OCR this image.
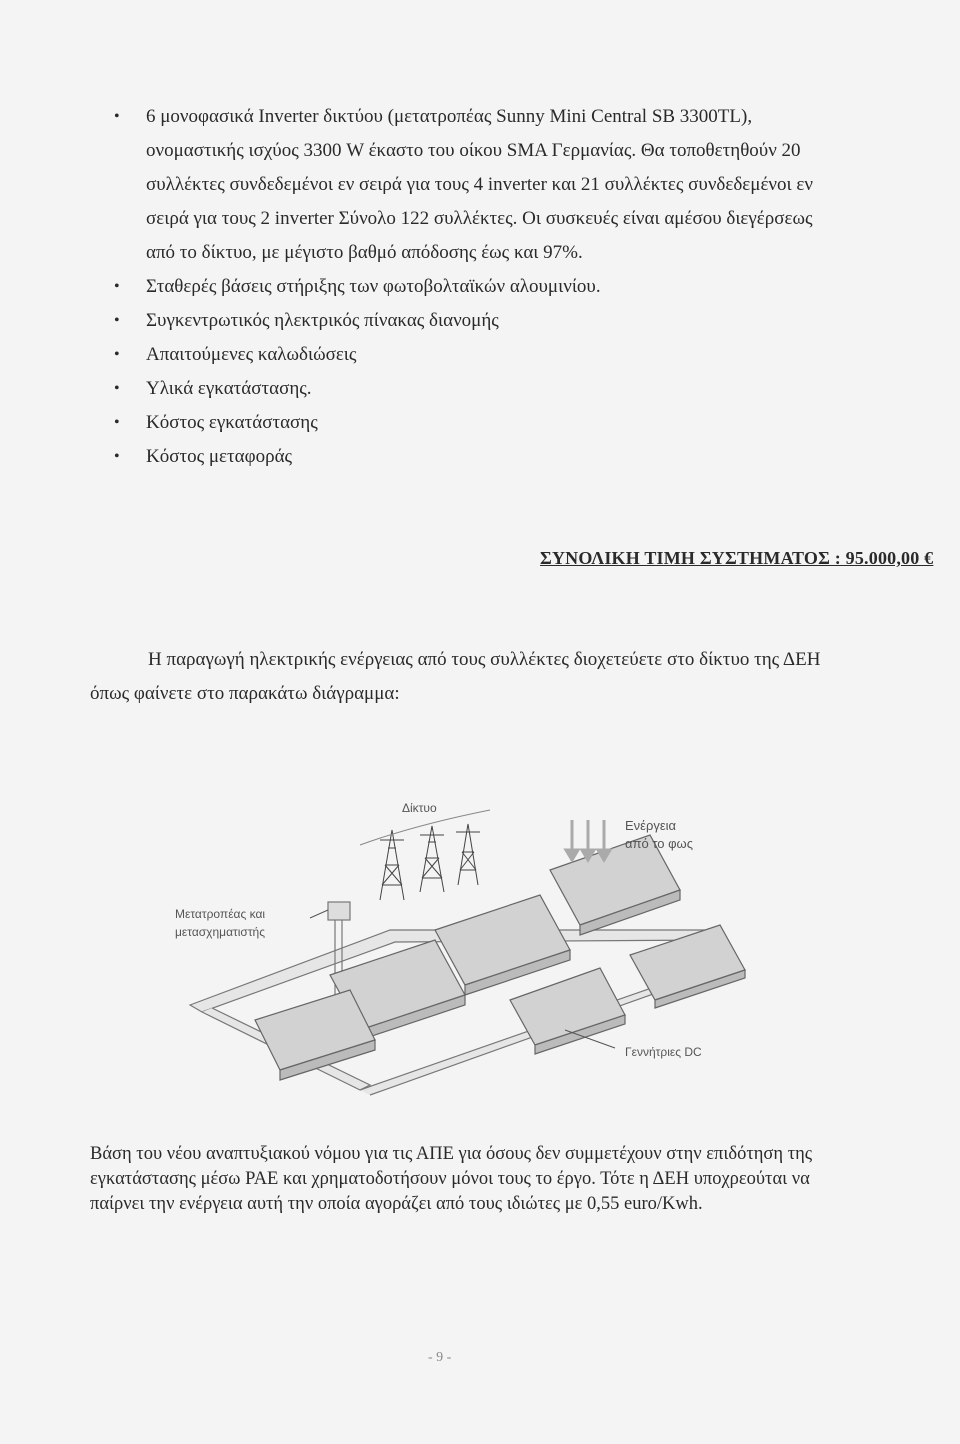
•	6 μονοφασικά Inverter δικτύου (μετατροπέας Sunny Mini Central SB 3300TL), ονομαστικής ισχύος 3300 W έκαστο του οίκου SMA Γερμανίας. Θα τοποθετηθούν 20 συλλέκτες συνδεδεμένοι εν σειρά για τους 4 inverter και 21 συλλέκτες συνδεδεμένοι εν σειρά για τους 2 inverter Σύνολο 122 συλλέκτες. Οι συσκευές είναι αμέσου διεγέρσεως από το δίκτυο, με μέγιστο βαθμό απόδοσης έως και 97%.
• Σταθερές βάσεις στήριξης των φωτοβολταϊκών αλουμινίου.
• Συγκεντρωτικός ηλεκτρικός πίνακας διανομής
• Απαιτούμενες καλωδιώσεις
• Υλικά εγκατάστασης.
• Κόστος εγκατάστασης
• Κόστος μεταφοράς
ΣΥΝΟΛΙΚΗ ΤΙΜΗ ΣΥΣΤΗΜΑΤΟΣ : 95.000,00 €

Η παραγωγή ηλεκτρικής ενέργειας από τους συλλέκτες διοχετεύετε στο δίκτυο της ΔΕΗ όπως φαίνετε στο παρακάτω διάγραμμα:

Δίκτυο
Ενέργεια
από το φως
Μετατροπέας και
μετασχηματιστής
Γεννήτριες DC

Βάση του νέου αναπτυξιακού νόμου για τις ΑΠΕ για όσους δεν συμμετέχουν στην επιδότηση της εγκατάστασης μέσω ΡΑΕ και χρηματοδοτήσουν μόνοι τους το έργο. Τότε η ΔΕΗ υποχρεούται να παίρνει την ενέργεια αυτή την οποία αγοράζει από τους ιδιώτες με 0,55 euro/Kwh.

- 9 -
